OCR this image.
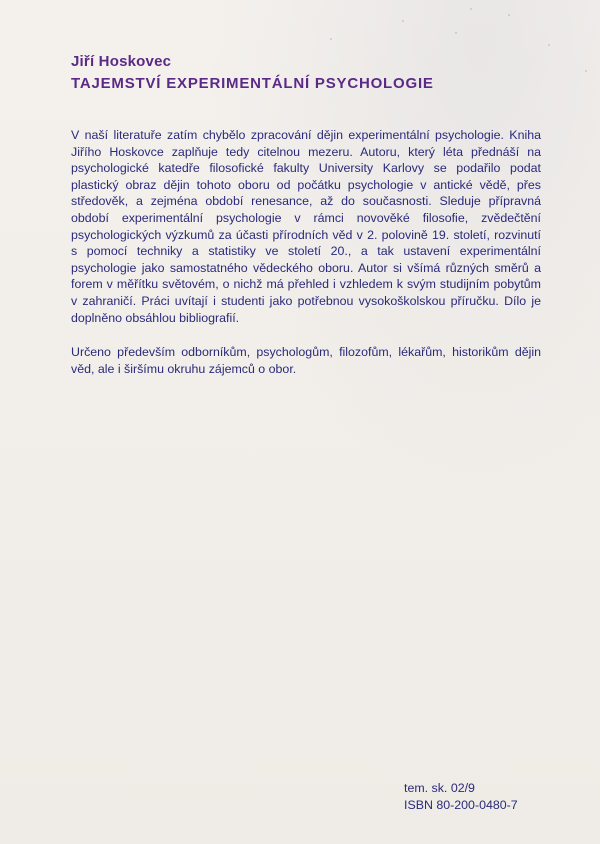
Jiří Hoskovec
TAJEMSTVÍ EXPERIMENTÁLNÍ PSYCHOLOGIE

V naší literatuře zatím chybělo zpracování dějin experimentální psychologie. Kniha Jiřího Hoskovce zaplňuje tedy citelnou mezeru. Autoru, který léta přednáší na psychologické katedře filosofické fakulty University Karlovy se podařilo podat plastický obraz dějin tohoto oboru od počátku psychologie v antické vědě, přes středověk, a zejména období renesance, až do současnosti. Sleduje přípravná období experimentální psychologie v rámci novověké filosofie, zvědečtění psychologických výzkumů za účasti přírodních věd v 2. polovině 19. století, rozvinutí s pomocí techniky a statistiky ve století 20., a tak ustavení experimentální psychologie jako samostatného vědeckého oboru. Autor si všímá různých směrů a forem v měřítku světovém, o nichž má přehled i vzhledem k svým studijním pobytům v zahraničí. Práci uvítají i studenti jako potřebnou vysokoškolskou příručku. Dílo je doplněno obsáhlou bibliografií.

Určeno především odborníkům, psychologům, filozofům, lékařům, historikům dějin věd, ale i širšímu okruhu zájemců o obor.

tem. sk. 02/9
ISBN 80-200-0480-7
